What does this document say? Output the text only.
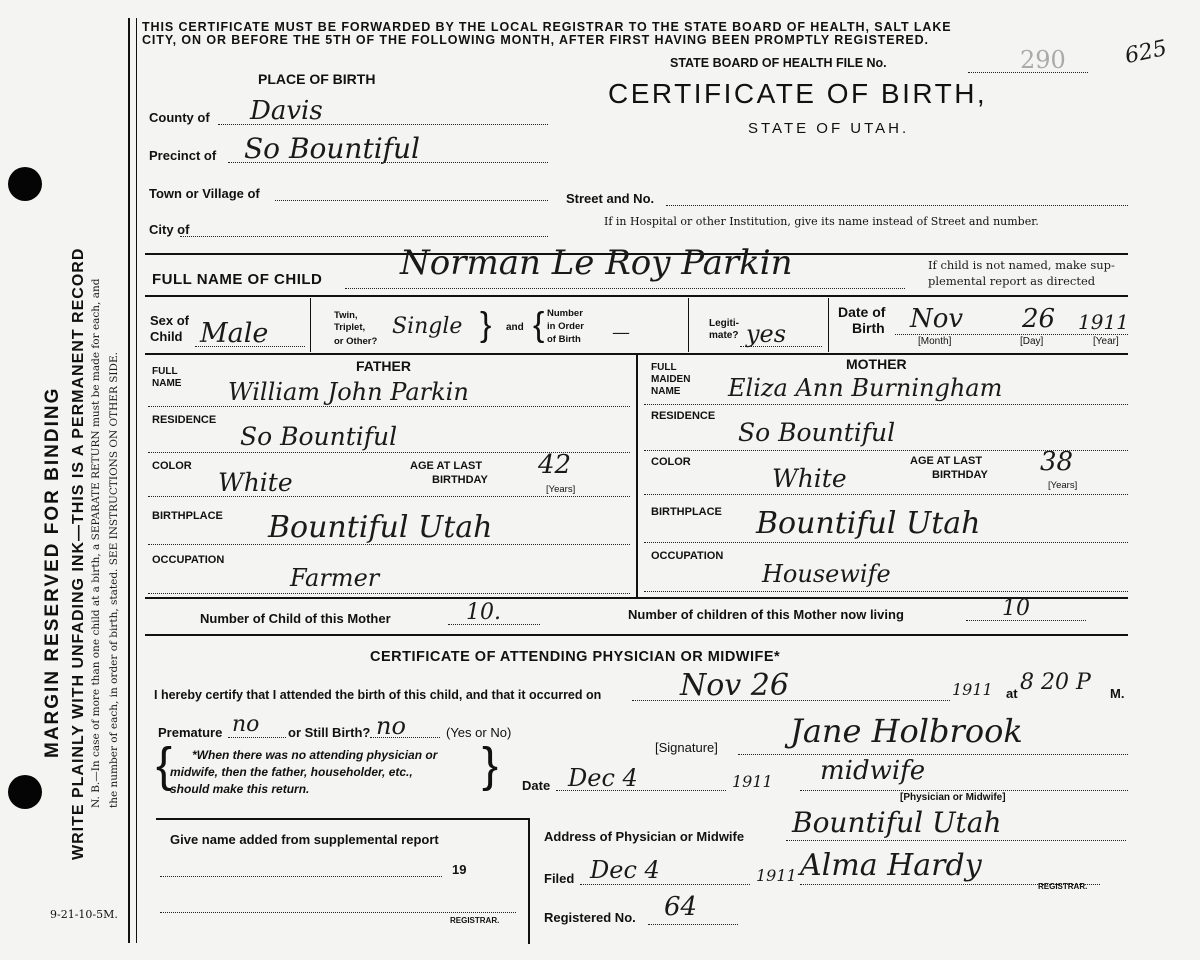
MARGIN RESERVED FOR BINDING WRITE PLAINLY WITH UNFADING INK—THIS IS A PERMANENT RECORD N. B.—In case of more than one child at a birth, a SEPARATE RETURN must be made for each, and the number of each, in order of birth, stated. SEE INSTRUCTIONS ON OTHER SIDE.
9-21-10-5M.
THIS CERTIFICATE MUST BE FORWARDED BY THE LOCAL REGISTRAR TO THE STATE BOARD OF HEALTH, SALT LAKE
CITY, ON OR BEFORE THE 5TH OF THE FOLLOWING MONTH, AFTER FIRST HAVING BEEN PROMPTLY REGISTERED.
STATE BOARD OF HEALTH FILE No.	290	625
CERTIFICATE OF BIRTH,
STATE OF UTAH.
PLACE OF BIRTH
County of Davis
Precinct of So Bountiful
Town or Village of
City of
Street and No.
If in Hospital or other Institution, give its name instead of Street and number.
FULL NAME OF CHILD Norman Le Roy Parkin	If child is not named, make sup-
plemental report as directed
Sex of
Child Male
Twin,
Triplet,
or Other?
Single } and { Number
in Order
of Birth —	Legiti-
mate? yes
Date of
Birth Nov 26 1911
[Month]	[Day]	[Year]
FATHER
FULL
NAME William John Parkin
RESIDENCE
So Bountiful
COLOR
White
AGE AT LAST
BIRTHDAY 42
[Years]
BIRTHPLACE Bountiful Utah
OCCUPATION
Farmer
MOTHER
FULL
MAIDEN
NAME Eliza Ann Burningham
RESIDENCE
So Bountiful
COLOR
White
AGE AT LAST
BIRTHDAY 38
[Years]
BIRTHPLACE Bountiful Utah
OCCUPATION
Housewife
Number of Child of this Mother	10.	Number of children of this Mother now living	10
CERTIFICATE OF ATTENDING PHYSICIAN OR MIDWIFE*
I hereby certify that I attended the birth of this child, and that it occurred on	Nov 26	1911 at 8 20 P M.
Premature no or Still Birth? no	(Yes or No)
{ *When there was no attending physician or
midwife, then the father, householder, etc.,
should make this return.	}	[Signature] Jane Holbrook
Date Dec 4	1911 midwife
[Physician or Midwife]
Address of Physician or Midwife Bountiful Utah
Give name added from supplemental report
19
REGISTRAR.
Filed Dec 4	1911 Alma Hardy
REGISTRAR.
Registered No. 64
